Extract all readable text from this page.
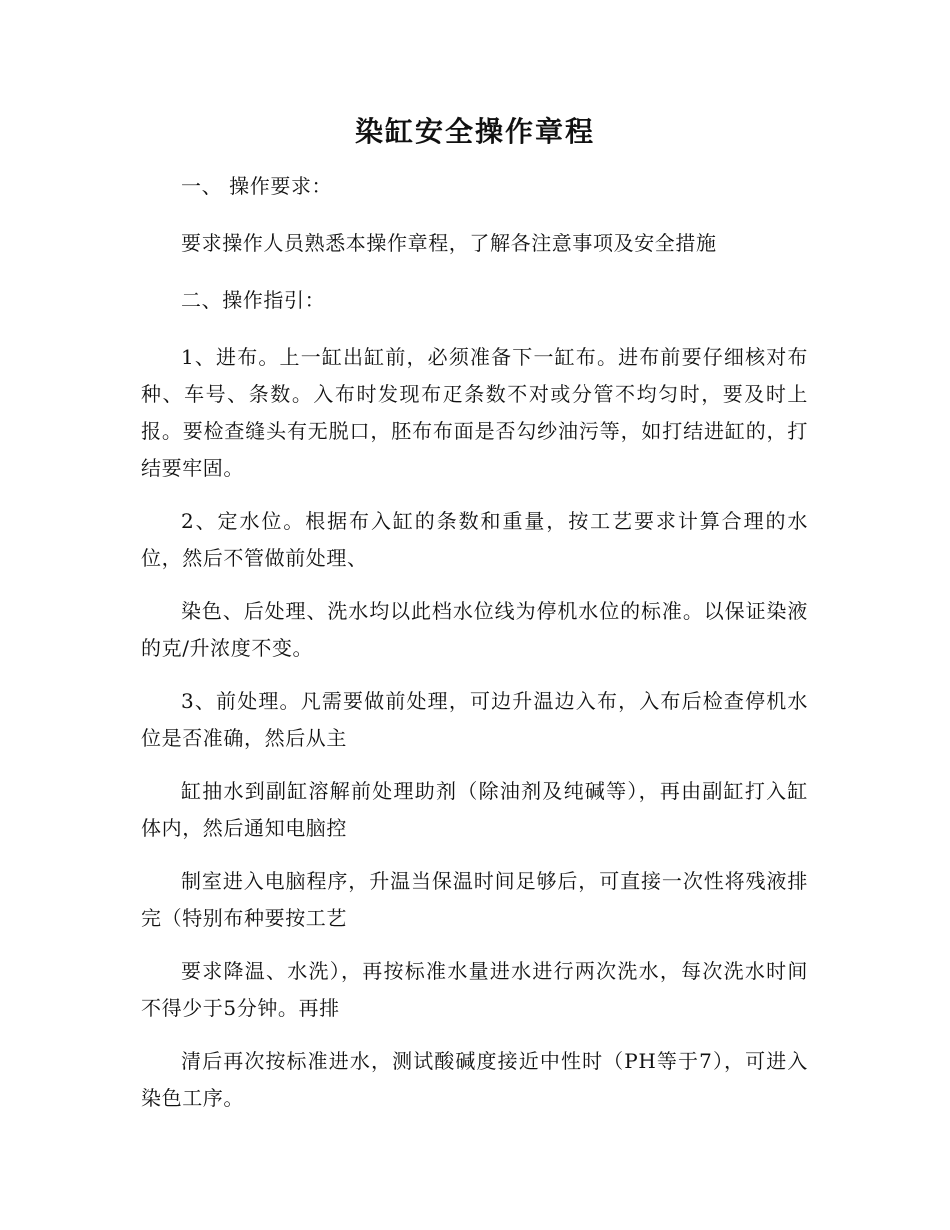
染缸安全操作章程

一、 操作要求：

要求操作人员熟悉本操作章程，了解各注意事项及安全措施

二、操作指引：

1、进布。上一缸出缸前，必须准备下一缸布。进布前要仔细核对布种、车号、条数。入布时发现布疋条数不对或分管不均匀时，要及时上报。要检查缝头有无脱口，胚布布面是否勾纱油污等，如打结进缸的，打结要牢固。

2、定水位。根据布入缸的条数和重量，按工艺要求计算合理的水位，然后不管做前处理、

染色、后处理、洗水均以此档水位线为停机水位的标准。以保证染液的克/升浓度不变。

3、前处理。凡需要做前处理，可边升温边入布，入布后检查停机水位是否准确，然后从主

缸抽水到副缸溶解前处理助剂（除油剂及纯碱等），再由副缸打入缸体内，然后通知电脑控

制室进入电脑程序，升温当保温时间足够后，可直接一次性将残液排完（特别布种要按工艺

要求降温、水洗），再按标准水量进水进行两次洗水，每次洗水时间不得少于5分钟。再排

清后再次按标准进水，测试酸碱度接近中性时（PH等于7），可进入染色工序。
